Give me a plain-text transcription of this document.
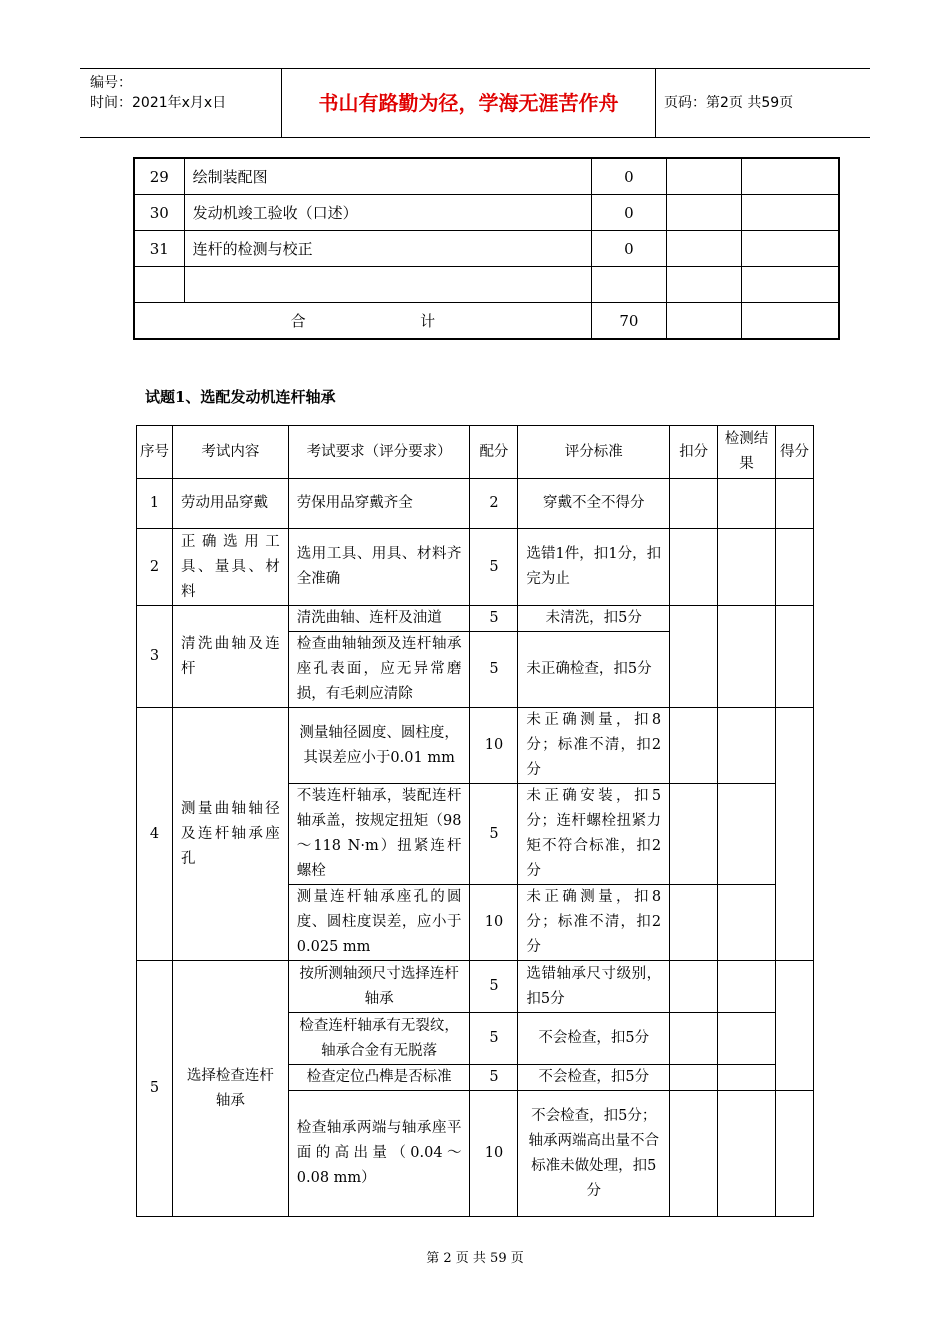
编号：
时间：2021年x月x日	书山有路勤为径，学海无涯苦作舟	页码：第2页 共59页
29	绘制装配图	0		
30	发动机竣工验收（口述）	0		
31	连杆的检测与校正	0		

合                        计		70		
试题1、选配发动机连杆轴承
序号	考试内容	考试要求（评分要求）	配分	评分标准	扣分	检测结果	得分
1	劳动用品穿戴	劳保用品穿戴齐全	2	穿戴不全不得分			
2	正确选用工具、量具、材料	选用工具、用具、材料齐全准确	5	选错1件，扣1分，扣完为止			
3	清洗曲轴及连杆	清洗曲轴、连杆及油道	5	未清洗，扣5分			
		检查曲轴轴颈及连杆轴承座孔表面，应无异常磨损，有毛刺应清除	5	未正确检查，扣5分			
4	测量曲轴轴径及连杆轴承座孔	测量轴径圆度、圆柱度，其误差应小于0.01 mm	10	未正确测量，扣8分；标准不清，扣2分			
		不装连杆轴承，装配连杆轴承盖，按规定扭矩（98～118 N·m）扭紧连杆螺栓	5	未正确安装，扣5分；连杆螺栓扭紧力矩不符合标准，扣2分			
		测量连杆轴承座孔的圆度、圆柱度误差，应小于0.025 mm	10	未正确测量，扣8分；标准不清，扣2分			
5	选择检查连杆轴承	按所测轴颈尺寸选择连杆轴承	5	选错轴承尺寸级别，扣5分			
		检查连杆轴承有无裂纹，轴承合金有无脱落	5	不会检查，扣5分			
		检查定位凸榫是否标准	5	不会检查，扣5分			
		检查轴承两端与轴承座平面的高出量（0.04～0.08 mm）	10	不会检查，扣5分；轴承两端高出量不合标准未做处理，扣5分			
第 2 页 共 59 页
